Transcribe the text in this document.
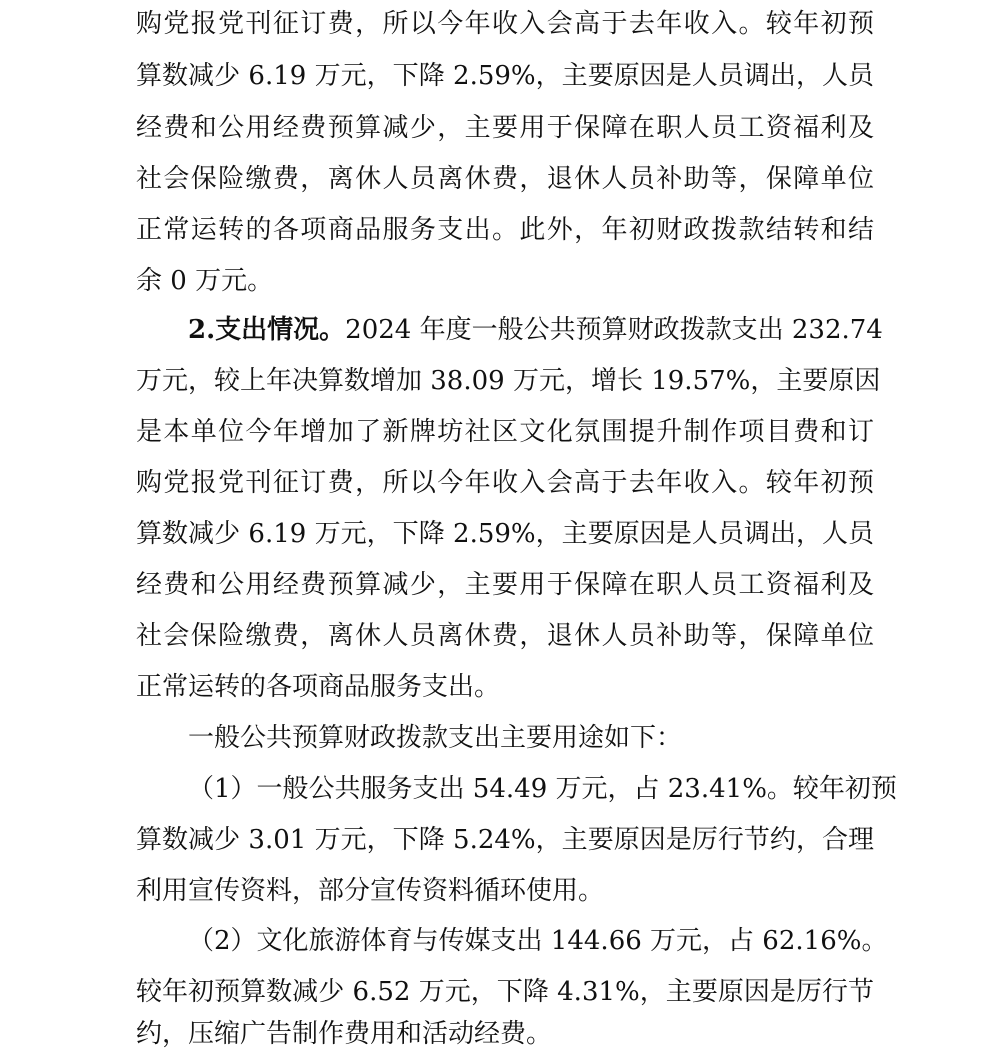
购党报党刊征订费，所以今年收入会高于去年收入。较年初预

算数减少 6.19 万元，下降 2.59%，主要原因是人员调出，人员

经费和公用经费预算减少，主要用于保障在职人员工资福利及

社会保险缴费，离休人员离休费，退休人员补助等，保障单位

正常运转的各项商品服务支出。此外，年初财政拨款结转和结

余 0 万元。

2.支出情况。2024 年度一般公共预算财政拨款支出 232.74

万元，较上年决算数增加 38.09 万元，增长 19.57%，主要原因

是本单位今年增加了新牌坊社区文化氛围提升制作项目费和订

购党报党刊征订费，所以今年收入会高于去年收入。较年初预

算数减少 6.19 万元，下降 2.59%，主要原因是人员调出，人员

经费和公用经费预算减少，主要用于保障在职人员工资福利及

社会保险缴费，离休人员离休费，退休人员补助等，保障单位

正常运转的各项商品服务支出。

一般公共预算财政拨款支出主要用途如下：

（1）一般公共服务支出 54.49 万元，占 23.41%。较年初预

算数减少 3.01 万元，下降 5.24%，主要原因是厉行节约，合理

利用宣传资料，部分宣传资料循环使用。

（2）文化旅游体育与传媒支出 144.66 万元，占 62.16%。

较年初预算数减少 6.52 万元，下降 4.31%，主要原因是厉行节

约，压缩广告制作费用和活动经费。
